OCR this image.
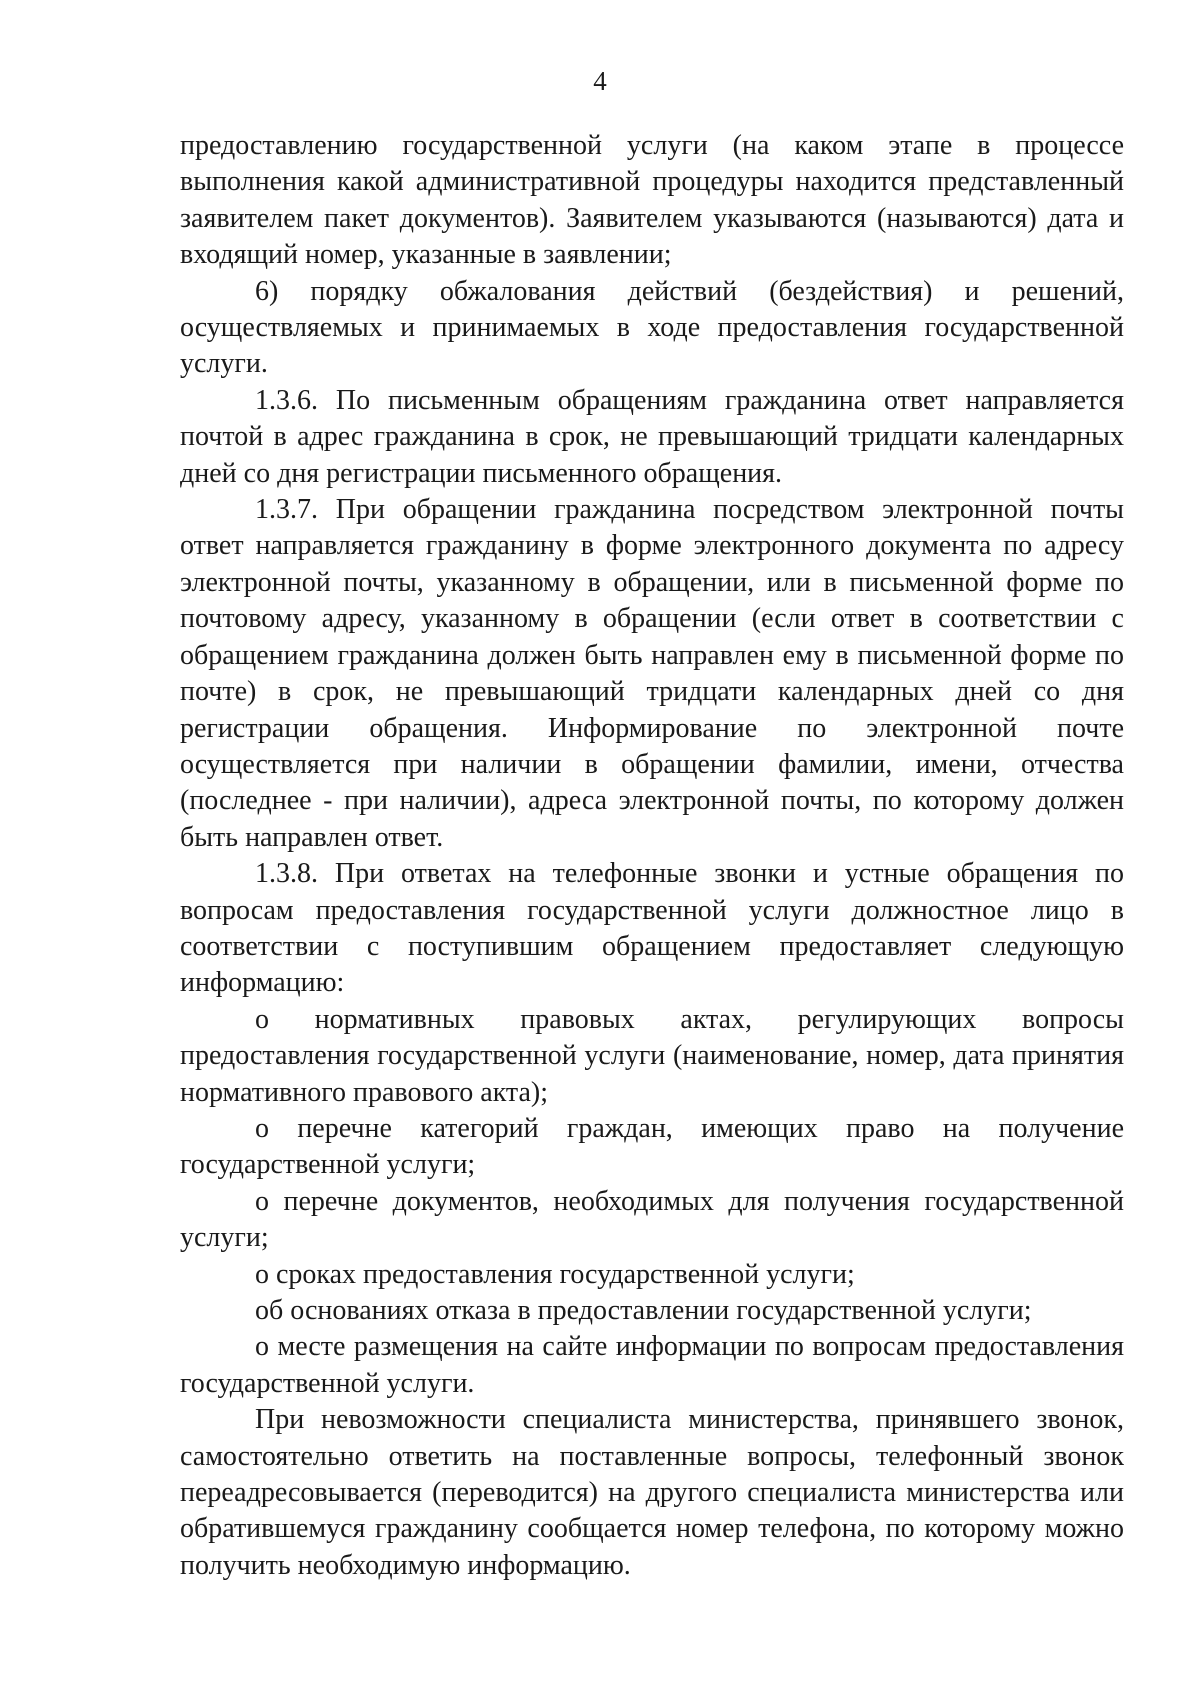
4

предоставлению государственной услуги (на каком этапе в процессе выполнения какой административной процедуры находится представленный заявителем пакет документов). Заявителем указываются (называются) дата и входящий номер, указанные в заявлении;

6) порядку обжалования действий (бездействия) и решений, осуществляемых и принимаемых в ходе предоставления государственной услуги.

1.3.6. По письменным обращениям гражданина ответ направляется почтой в адрес гражданина в срок, не превышающий тридцати календарных дней со дня регистрации письменного обращения.

1.3.7. При обращении гражданина посредством электронной почты ответ направляется гражданину в форме электронного документа по адресу электронной почты, указанному в обращении, или в письменной форме по почтовому адресу, указанному в обращении (если ответ в соответствии с обращением гражданина должен быть направлен ему в письменной форме по почте) в срок, не превышающий тридцати календарных дней со дня регистрации обращения. Информирование по электронной почте осуществляется при наличии в обращении фамилии, имени, отчества (последнее - при наличии), адреса электронной почты, по которому должен быть направлен ответ.

1.3.8. При ответах на телефонные звонки и устные обращения по вопросам предоставления государственной услуги должностное лицо в соответствии с поступившим обращением предоставляет следующую информацию:

о нормативных правовых актах, регулирующих вопросы предоставления государственной услуги (наименование, номер, дата принятия нормативного правового акта);

о перечне категорий граждан, имеющих право на получение государственной услуги;

о перечне документов, необходимых для получения государственной услуги;

о сроках предоставления государственной услуги;

об основаниях отказа в предоставлении государственной услуги;

о месте размещения на сайте информации по вопросам предоставления государственной услуги.

При невозможности специалиста министерства, принявшего звонок, самостоятельно ответить на поставленные вопросы, телефонный звонок переадресовывается (переводится) на другого специалиста министерства или обратившемуся гражданину сообщается номер телефона, по которому можно получить необходимую информацию.
